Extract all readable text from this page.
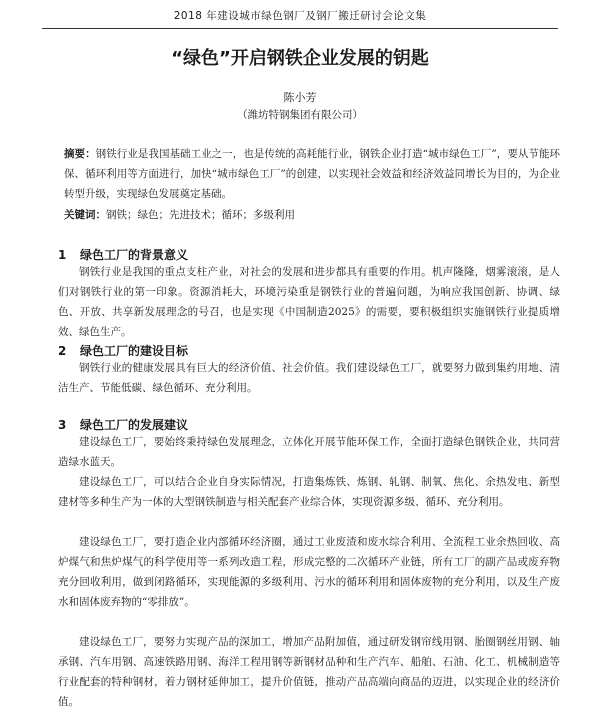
2018 年建设城市绿色钢厂及钢厂搬迁研讨会论文集
“绿色”开启钢铁企业发展的钥匙
陈小芳
（潍坊特钢集团有限公司）
摘要：钢铁行业是我国基础工业之一，也是传统的高耗能行业，钢铁企业打造“城市绿色工厂”，要从节能环保、循环利用等方面进行，加快“城市绿色工厂”的创建，以实现社会效益和经济效益同增长为目的，为企业转型升级，实现绿色发展奠定基础。
关键词：钢铁；绿色；先进技术；循环；多级利用
1 绿色工厂的背景意义

钢铁行业是我国的重点支柱产业，对社会的发展和进步都具有重要的作用。机声隆隆，烟雾滚滚，是人们对钢铁行业的第一印象。资源消耗大，环境污染重是钢铁行业的普遍问题，为响应我国创新、协调、绿色、开放、共享新发展理念的号召，也是实现《中国制造2025》的需要，要积极组织实施钢铁行业提质增效、绿色生产。

2 绿色工厂的建设目标

钢铁行业的健康发展具有巨大的经济价值、社会价值。我们建设绿色工厂，就要努力做到集约用地、清洁生产、节能低碳、绿色循环、充分利用。

3 绿色工厂的发展建议

建设绿色工厂，要始终秉持绿色发展理念，立体化开展节能环保工作，全面打造绿色钢铁企业，共同营造绿水蓝天。

建设绿色工厂，可以结合企业自身实际情况，打造集炼铁、炼钢、轧钢、制氧、焦化、余热发电、新型建材等多种生产为一体的大型钢铁制造与相关配套产业综合体，实现资源多级、循环、充分利用。

建设绿色工厂，要打造企业内部循环经济圈，通过工业废渣和废水综合利用、全流程工业余热回收、高炉煤气和焦炉煤气的科学使用等一系列改造工程，形成完整的二次循环产业链，所有工厂的副产品或废弃物充分回收利用，做到闭路循环，实现能源的多级利用、污水的循环利用和固体废物的充分利用，以及生产废水和固体废弃物的“零排放”。

建设绿色工厂，要努力实现产品的深加工，增加产品附加值，通过研发钢帘线用钢、胎圈钢丝用钢、轴承钢、汽车用钢、高速铁路用钢、海洋工程用钢等新钢材品种和生产汽车、船舶、石油、化工、机械制造等行业配套的特种钢材，着力钢材延伸加工，提升价值链，推动产品高端向商品的迈进，以实现企业的经济价值。
